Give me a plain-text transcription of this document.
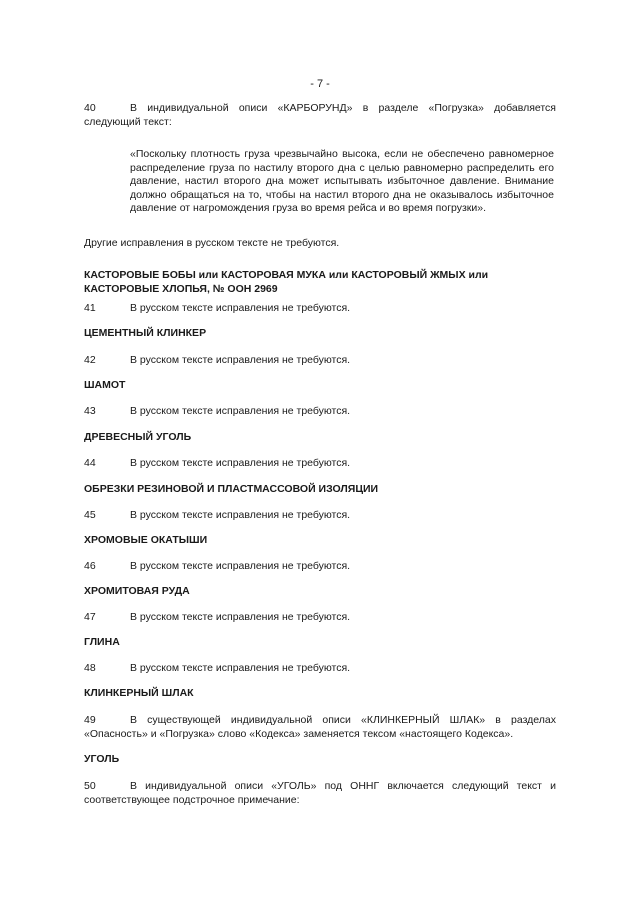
- 7 -
40	В индивидуальной описи «КАРБОРУНД» в разделе «Погрузка» добавляется следующий текст:
«Поскольку плотность груза чрезвычайно высока, если не обеспечено равномерное распределение груза по настилу второго дна с целью равномерно распределить его давление, настил второго дна может испытывать избыточное давление. Внимание должно обращаться на то, чтобы на настил второго дна не оказывалось избыточное давление от нагромождения груза во время рейса и во время погрузки».
Другие исправления в русском тексте не требуются.
КАСТОРОВЫЕ БОБЫ или КАСТОРОВАЯ МУКА или КАСТОРОВЫЙ ЖМЫХ или КАСТОРОВЫЕ ХЛОПЬЯ, № ООН 2969
41	В русском тексте исправления не требуются.
ЦЕМЕНТНЫЙ КЛИНКЕР
42	В русском тексте исправления не требуются.
ШАМОТ
43	В русском тексте исправления не требуются.
ДРЕВЕСНЫЙ УГОЛЬ
44	В русском тексте исправления не требуются.
ОБРЕЗКИ РЕЗИНОВОЙ И ПЛАСТМАССОВОЙ ИЗОЛЯЦИИ
45	В русском тексте исправления не требуются.
ХРОМОВЫЕ ОКАТЫШИ
46	В русском тексте исправления не требуются.
ХРОМИТОВАЯ РУДА
47	В русском тексте исправления не требуются.
ГЛИНА
48	В русском тексте исправления не требуются.
КЛИНКЕРНЫЙ ШЛАК
49	В существующей индивидуальной описи «КЛИНКЕРНЫЙ ШЛАК» в разделах «Опасность» и «Погрузка» слово «Кодекса» заменяется тексом «настоящего Кодекса».
УГОЛЬ
50	В индивидуальной описи «УГОЛЬ» под ОННГ включается следующий текст и соответствующее подстрочное примечание:
